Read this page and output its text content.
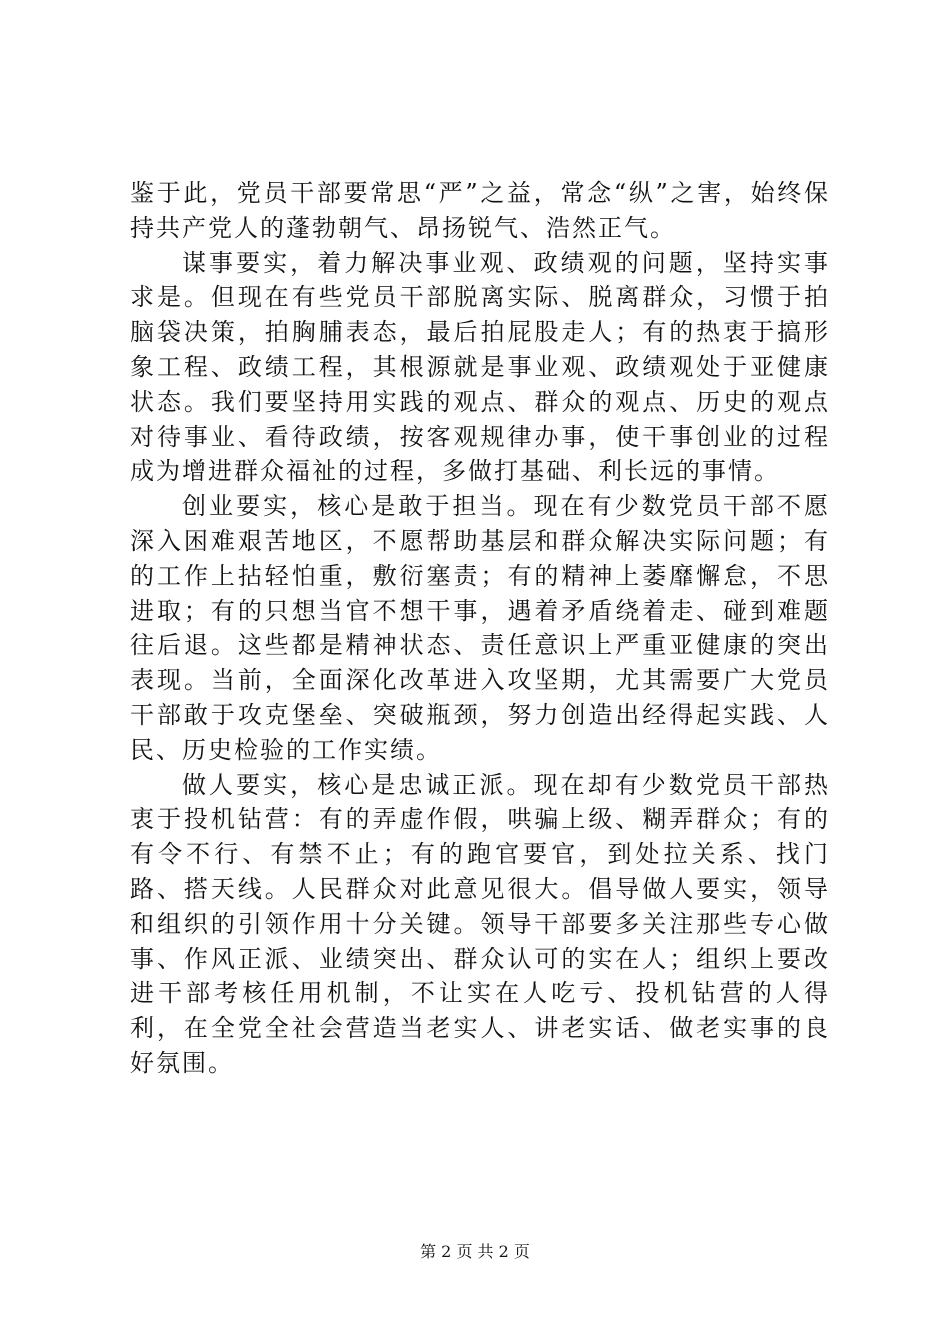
鉴于此，党员干部要常思“严”之益，常念“纵”之害，始终保持共产党人的蓬勃朝气、昂扬锐气、浩然正气。

谋事要实，着力解决事业观、政绩观的问题，坚持实事求是。但现在有些党员干部脱离实际、脱离群众，习惯于拍脑袋决策，拍胸脯表态，最后拍屁股走人；有的热衷于搞形象工程、政绩工程，其根源就是事业观、政绩观处于亚健康状态。我们要坚持用实践的观点、群众的观点、历史的观点对待事业、看待政绩，按客观规律办事，使干事创业的过程成为增进群众福祉的过程，多做打基础、利长远的事情。

创业要实，核心是敢于担当。现在有少数党员干部不愿深入困难艰苦地区，不愿帮助基层和群众解决实际问题；有的工作上拈轻怕重，敷衍塞责；有的精神上萎靡懈怠，不思进取；有的只想当官不想干事，遇着矛盾绕着走、碰到难题往后退。这些都是精神状态、责任意识上严重亚健康的突出表现。当前，全面深化改革进入攻坚期，尤其需要广大党员干部敢于攻克堡垒、突破瓶颈，努力创造出经得起实践、人民、历史检验的工作实绩。

做人要实，核心是忠诚正派。现在却有少数党员干部热衷于投机钻营：有的弄虚作假，哄骗上级、糊弄群众；有的有令不行、有禁不止；有的跑官要官，到处拉关系、找门路、搭天线。人民群众对此意见很大。倡导做人要实，领导和组织的引领作用十分关键。领导干部要多关注那些专心做事、作风正派、业绩突出、群众认可的实在人；组织上要改进干部考核任用机制，不让实在人吃亏、投机钻营的人得利，在全党全社会营造当老实人、讲老实话、做老实事的良好氛围。

第 2 页 共 2 页
